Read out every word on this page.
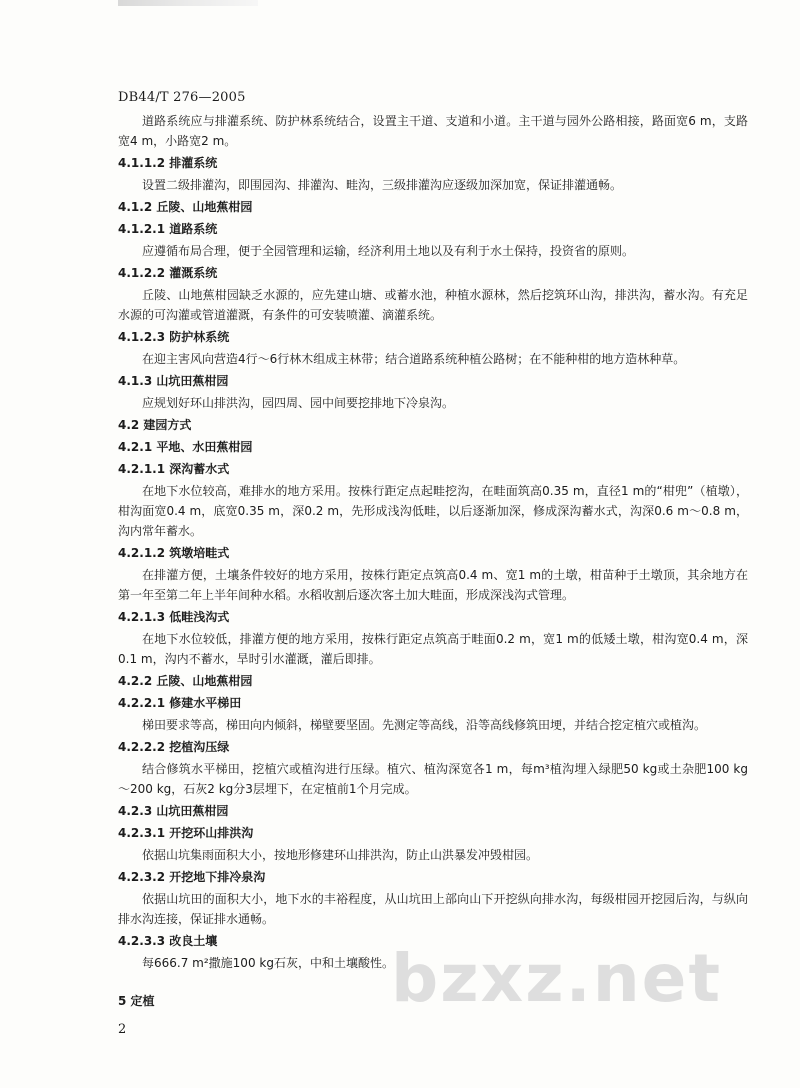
DB44/T 276—2005
道路系统应与排灌系统、防护林系统结合，设置主干道、支道和小道。主干道与园外公路相接，路面宽6 m，支路宽4 m，小路宽2 m。
4.1.1.2 排灌系统
设置二级排灌沟，即围园沟、排灌沟、畦沟，三级排灌沟应逐级加深加宽，保证排灌通畅。
4.1.2 丘陵、山地蕉柑园
4.1.2.1 道路系统
应遵循布局合理，便于全园管理和运输，经济利用土地以及有利于水土保持，投资省的原则。
4.1.2.2 灌溉系统
丘陵、山地蕉柑园缺乏水源的，应先建山塘、或蓄水池，种植水源林，然后挖筑环山沟，排洪沟，蓄水沟。有充足水源的可沟灌或管道灌溉，有条件的可安装喷灌、滴灌系统。
4.1.2.3 防护林系统
在迎主害风向营造4行～6行林木组成主林带；结合道路系统种植公路树；在不能种柑的地方造林种草。
4.1.3 山坑田蕉柑园
应规划好环山排洪沟，园四周、园中间要挖排地下冷泉沟。
4.2 建园方式
4.2.1 平地、水田蕉柑园
4.2.1.1 深沟蓄水式
在地下水位较高，难排水的地方采用。按株行距定点起畦挖沟，在畦面筑高0.35 m，直径1 m的“柑兜”（植墩），柑沟面宽0.4 m，底宽0.35 m，深0.2 m，先形成浅沟低畦，以后逐渐加深，修成深沟蓄水式，沟深0.6 m～0.8 m，沟内常年蓄水。
4.2.1.2 筑墩培畦式
在排灌方便，土壤条件较好的地方采用，按株行距定点筑高0.4 m、宽1 m的土墩，柑苗种于土墩顶，其余地方在第一年至第二年上半年间种水稻。水稻收割后逐次客土加大畦面，形成深浅沟式管理。
4.2.1.3 低畦浅沟式
在地下水位较低，排灌方便的地方采用，按株行距定点筑高于畦面0.2 m，宽1 m的低矮土墩，柑沟宽0.4 m，深0.1 m，沟内不蓄水，旱时引水灌溉，灌后即排。
4.2.2 丘陵、山地蕉柑园
4.2.2.1 修建水平梯田
梯田要求等高，梯田向内倾斜，梯壁要坚固。先测定等高线，沿等高线修筑田埂，并结合挖定植穴或植沟。
4.2.2.2 挖植沟压绿
结合修筑水平梯田，挖植穴或植沟进行压绿。植穴、植沟深宽各1 m，每m³植沟埋入绿肥50 kg或土杂肥100 kg～200 kg，石灰2 kg分3层埋下，在定植前1个月完成。
4.2.3 山坑田蕉柑园
4.2.3.1 开挖环山排洪沟
依据山坑集雨面积大小，按地形修建环山排洪沟，防止山洪暴发冲毁柑园。
4.2.3.2 开挖地下排冷泉沟
依据山坑田的面积大小，地下水的丰裕程度，从山坑田上部向山下开挖纵向排水沟，每级柑园开挖园后沟，与纵向排水沟连接，保证排水通畅。
4.2.3.3 改良土壤
每666.7 m²撒施100 kg石灰，中和土壤酸性。
5 定植
2
bzxz.net
